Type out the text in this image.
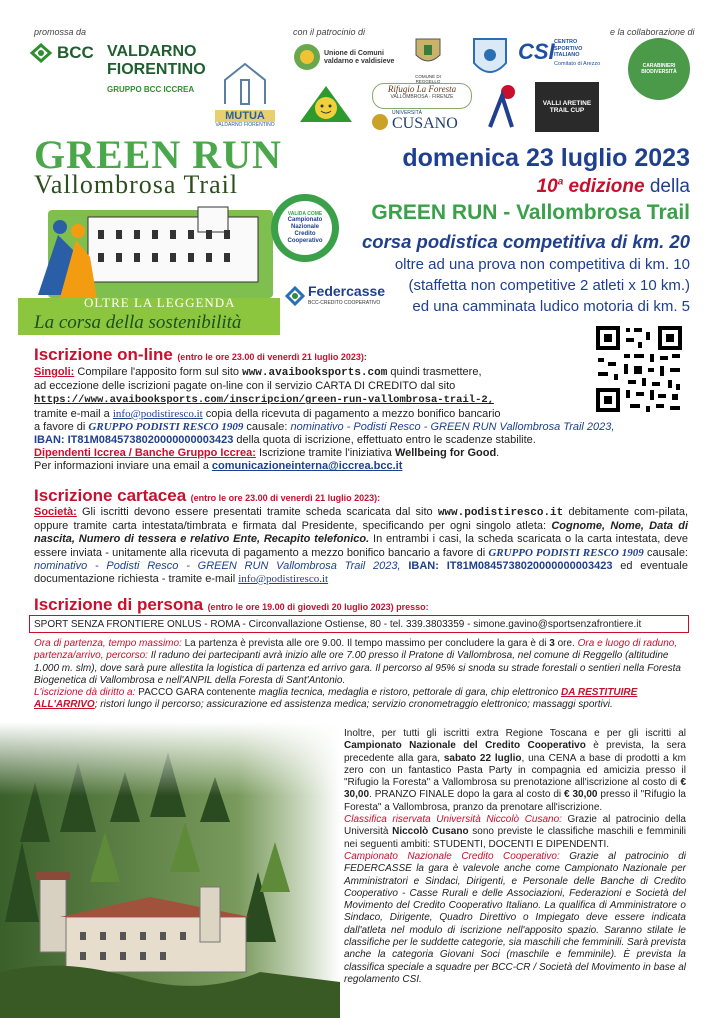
promossa da	con il patrocinio di	e la collaborazione di
BCC VALDARNO
FIORENTINO
GRUPPO BCC ICCREA
MUTUA
VALDARNO FIORENTINO
Unione di Comuni valdarno e valdisieve
COMUNE DI REGGELLO
CSI CENTRO SPORTIVO ITALIANO
Comitato di Arezzo	CARABINIERI BIODIVERSITÀ
Rifugio La Foresta
VALLOMBROSA · FIRENZE
UNIVERSITÀ
CUSANO
VALLI ARETINE TRAIL CUP
GREEN RUN
Vallombrosa Trail
OLTRE LA LEGGENDA
La corsa della sostenibilità
VALIDA COME
Campionato Nazionale Credito Cooperativo
Federcasse
BCC-CREDITO COOPERATIVO
domenica 23 luglio 2023
10$^a$ edizione della
GREEN RUN - Vallombrosa Trail
corsa podistica competitiva di km. 20
oltre ad una prova non competitiva di km. 10
(staffetta non competitive 2 atleti x 10 km.)
ed una camminata ludico motoria di km. 5
Iscrizione on-line (entro le ore 23.00 di venerdì 21 luglio 2023):
Singoli: Compilare l'apposito form sul sito www.avaibooksports.com quindi trasmettere,
ad eccezione delle iscrizioni pagate on-line con il servizio CARTA DI CREDITO dal sito
https://www.avaibooksports.com/inscripcion/green-run-vallombrosa-trail-2,
tramite e-mail a info@podistiresco.it copia della ricevuta di pagamento a mezzo bonifico bancario
a favore di GRUPPO PODISTI RESCO 1909 causale: nominativo - Podisti Resco - GREEN RUN Vallombrosa Trail 2023,
IBAN: IT81M0845738020000000003423 della quota di iscrizione, effettuato entro le scadenze stabilite.
Dipendenti Iccrea / Banche Gruppo Iccrea: Iscrizione tramite l'iniziativa Wellbeing for Good.
Per informazioni inviare una email a comunicazioneinterna@iccrea.bcc.it
Iscrizione cartacea (entro le ore 23.00 di venerdì 21 luglio 2023):
Società: Gli iscritti devono essere presentati tramite scheda scaricata dal sito www.podistiresco.it debitamente com-pilata, oppure tramite carta intestata/timbrata e firmata dal Presidente, specificando per ogni singolo atleta: Cognome, Nome, Data di nascita, Numero di tessera e relativo Ente, Recapito telefonico. In entrambi i casi, la scheda scaricata o la carta intestata, deve essere inviata - unitamente alla ricevuta di pagamento a mezzo bonifico bancario a favore di GRUPPO PODISTI RESCO 1909 causale: nominativo - Podisti Resco - GREEN RUN Vallombrosa Trail 2023, IBAN: IT81M0845738020000000003423 ed eventuale documentazione richiesta - tramite e-mail info@podistiresco.it
Iscrizione di persona (entro le ore 19.00 di giovedì 20 luglio 2023) presso:
SPORT SENZA FRONTIERE ONLUS - ROMA - Circonvallazione Ostiense, 80 - tel. 339.3803359 - simone.gavino@sportsenzafrontiere.it
Ora di partenza, tempo massimo: La partenza è prevista alle ore 9.00. Il tempo massimo per concludere la gara è di 3 ore. Ora e luogo di raduno, partenza/arrivo, percorso: Il raduno dei partecipanti avrà inizio alle ore 7.00 presso il Pratone di Vallombrosa, nel comune di Reggello (altitudine 1.000 m. slm), dove sarà pure allestita la logistica di partenza ed arrivo gara. Il percorso al 95% si snoda su strade forestali o sentieri nella Foresta Biogenetica di Vallombrosa e nell'ANPIL della Foresta di Sant'Antonio.
L'iscrizione dà diritto a: PACCO GARA contenente maglia tecnica, medaglia e ristoro, pettorale di gara, chip elettronico DA RESTITUIRE ALL'ARRIVO; ristori lungo il percorso; assicurazione ed assistenza medica; servizio cronometraggio elettronico; massaggi sportivi.
Inoltre, per tutti gli iscritti extra Regione Toscana e per gli iscritti al Campionato Nazionale del Credito Cooperativo è prevista, la sera precedente alla gara, sabato 22 luglio, una CENA a base di prodotti a km zero con un fantastico Pasta Party in compagnia ed amicizia presso il "Rifugio la Foresta" a Vallombrosa su prenotazione all'iscrizione al costo di € 30,00. PRANZO FINALE dopo la gara al costo di € 30,00 presso il "Rifugio la Foresta" a Vallombrosa, pranzo da prenotare all'iscrizione.
Classifica riservata Università Niccolò Cusano: Grazie al patrocinio della Università Niccolò Cusano sono previste le classifiche maschili e femminili nei seguenti ambiti: STUDENTI, DOCENTI E DIPENDENTI.
Campionato Nazionale Credito Cooperativo: Grazie al patrocinio di FEDERCASSE la gara è valevole anche come Campionato Nazionale per Amministratori e Sindaci, Dirigenti, e Personale delle Banche di Credito Cooperativo - Casse Rurali e delle Associazioni, Federazioni e Società del Movimento del Credito Cooperativo Italiano. La qualifica di Amministratore o Sindaco, Dirigente, Quadro Direttivo o Impiegato deve essere indicata dall'atleta nel modulo di iscrizione nell'apposito spazio. Saranno stilate le classifiche per le suddette categorie, sia maschili che femminili. Sarà prevista anche la categoria Giovani Soci (maschile e femminile). È prevista la classifica speciale a squadre per BCC-CR / Società del Movimento in base al regolamento CSI.
